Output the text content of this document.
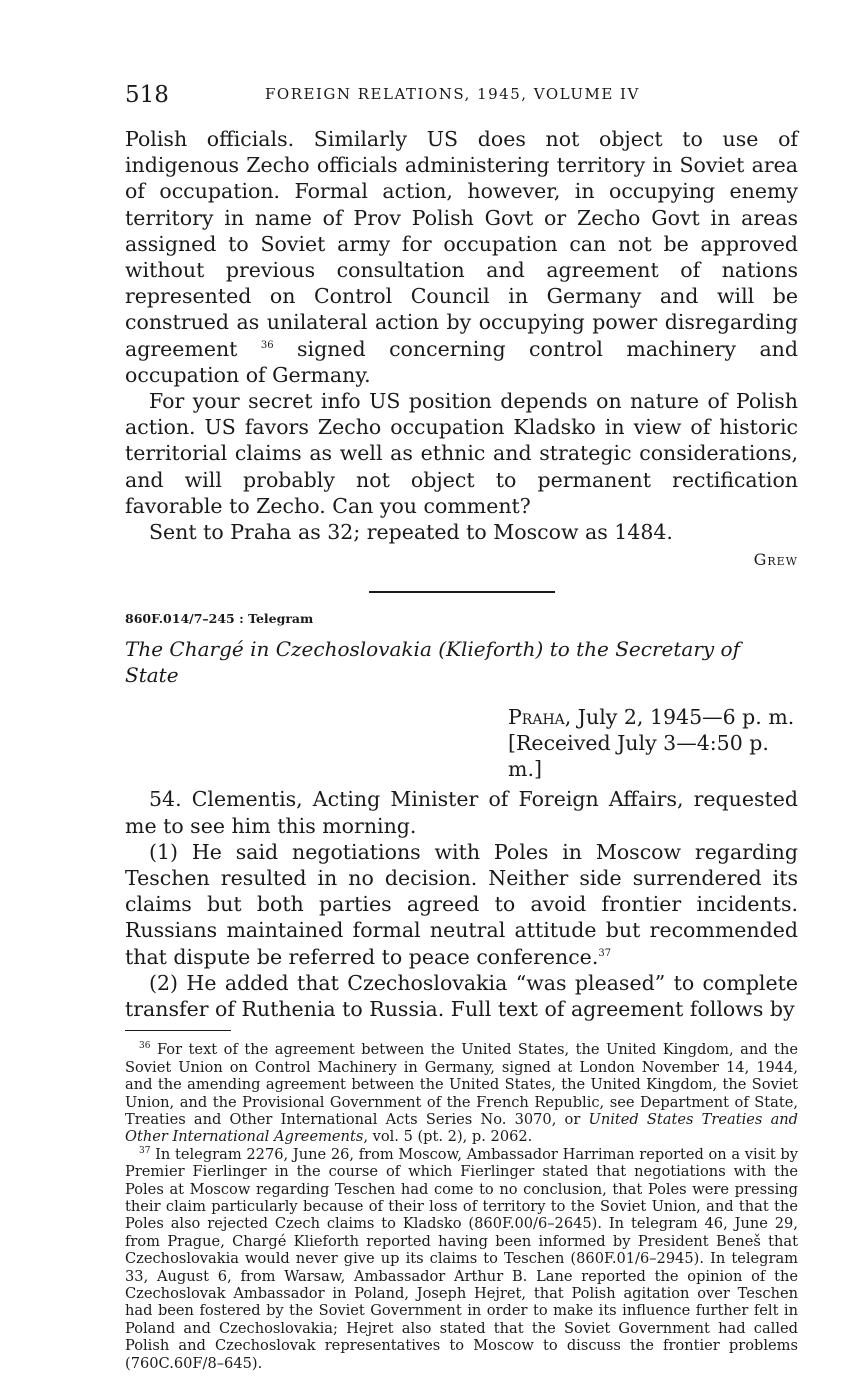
518	FOREIGN RELATIONS, 1945, VOLUME IV

Polish officials. Similarly US does not object to use of indigenous Zecho officials administering territory in Soviet area of occupation. Formal action, however, in occupying enemy territory in name of Prov Polish Govt or Zecho Govt in areas assigned to Soviet army for occupation can not be approved without previous consultation and agreement of nations represented on Control Council in Germany and will be construed as unilateral action by occupying power disregarding agreement $^{36}$ signed concerning control machinery and occupation of Germany.

For your secret info US position depends on nature of Polish action. US favors Zecho occupation Kladsko in view of historic territorial claims as well as ethnic and strategic considerations, and will probably not object to permanent rectification favorable to Zecho. Can you comment?

Sent to Praha as 32; repeated to Moscow as 1484.

Grew
860F.014/7–245 : Telegram
The Chargé in Czechoslovakia (Klieforth) to the Secretary of State
Praha, July 2, 1945—6 p. m.
[Received July 3—4:50 p. m.]

54. Clementis, Acting Minister of Foreign Affairs, requested me to see him this morning.

(1) He said negotiations with Poles in Moscow regarding Teschen resulted in no decision. Neither side surrendered its claims but both parties agreed to avoid frontier incidents. Russians maintained formal neutral attitude but recommended that dispute be referred to peace conference.$^{37}$

(2) He added that Czechoslovakia “was pleased” to complete transfer of Ruthenia to Russia. Full text of agreement follows by

$^{36}$ For text of the agreement between the United States, the United Kingdom, and the Soviet Union on Control Machinery in Germany, signed at London November 14, 1944, and the amending agreement between the United States, the United Kingdom, the Soviet Union, and the Provisional Government of the French Republic, see Department of State, Treaties and Other International Acts Series No. 3070, or United States Treaties and Other International Agreements, vol. 5 (pt. 2), p. 2062.

$^{37}$ In telegram 2276, June 26, from Moscow, Ambassador Harriman reported on a visit by Premier Fierlinger in the course of which Fierlinger stated that negotiations with the Poles at Moscow regarding Teschen had come to no conclusion, that Poles were pressing their claim particularly because of their loss of territory to the Soviet Union, and that the Poles also rejected Czech claims to Kladsko (860F.00/6–2645). In telegram 46, June 29, from Prague, Chargé Klieforth reported having been informed by President Beneš that Czechoslovakia would never give up its claims to Teschen (860F.01/6–2945). In telegram 33, August 6, from Warsaw, Ambassador Arthur B. Lane reported the opinion of the Czechoslovak Ambassador in Poland, Joseph Hejret, that Polish agitation over Teschen had been fostered by the Soviet Government in order to make its influence further felt in Poland and Czechoslovakia; Hejret also stated that the Soviet Government had called Polish and Czechoslovak representatives to Moscow to discuss the frontier problems (760C.60F/8–645).
